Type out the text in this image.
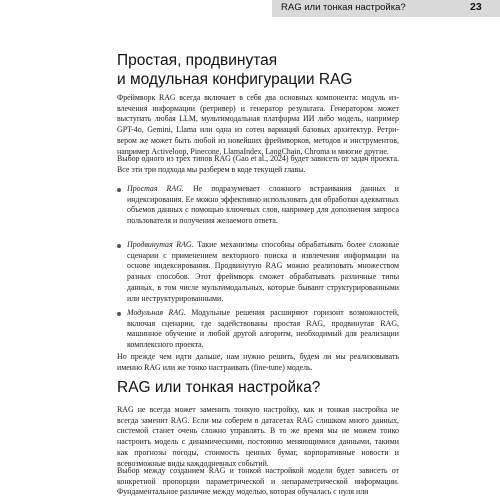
RAG или тонкая настройка?	23
Простая, продвинутая
и модульная конфигурации RAG

Фреймворк RAG всегда включает в себя два основных компонента: модуль из-влечения информации (ретривер) и генератор результата. Генератором может выступать любая LLM, мультимодальная платформа ИИ либо модель, например GPT-4o, Gemini, Llama или одна из сотен вариаций базовых архитектур. Ретри-вером же может быть любой из новейших фреймворков, методов и инструментов, например Activeloop, Pinecone, LlamaIndex, LangChain, Chroma и многие другие.

Выбор одного из трех типов RAG (Gao et al., 2024) будет зависеть от задач проекта. Все эти три подхода мы разберем в коде текущей главы.

Простая RAG. Не подразумевает сложного встраивания данных и индексирования. Ее можно эффективно использовать для обработки адекватных объемов данных с помощью ключевых слов, например для дополнения запроса пользователя и получения желаемого ответа.
Продвинутая RAG. Такие механизмы способны обрабатывать более сложные сценарии с применением векторного поиска и извлечения информации на основе индексирования. Продвинутую RAG можно реализовать множеством разных способов. Этот фреймворк сможет обрабатывать различные типы данных, в том числе мультимодальных, которые бывают структурированными или неструктурированными.
Модульная RAG. Модульные решения расширяют горизонт возможностей, включая сценарии, где задействованы простая RAG, продвинутая RAG, машинное обучение и любой другой алгоритм, необходимый для реализации комплексного проекта.

Но прежде чем идти дальше, нам нужно решить, будем ли мы реализовывать именно RAG или же тонко настраивать (fine-tune) модель.

RAG или тонкая настройка?

RAG не всегда может заменить тонкую настройку, как и тонкая настройка не всегда заменит RAG. Если мы соберем в датасетах RAG слишком много данных, системой станет очень сложно управлять. В то же время мы не можем тонко настроить модель с динамическими, постоянно меняющимися данными, такими как прогнозы погоды, стоимость ценных бумаг, корпоративные новости и всевозможные виды каждодневных событий.

Выбор между созданием RAG и тонкой настройкой модели будет зависеть от конкретной пропорции параметрической и непараметрической информации. Фундаментальное различие между моделью, которая обучалась с нуля или
